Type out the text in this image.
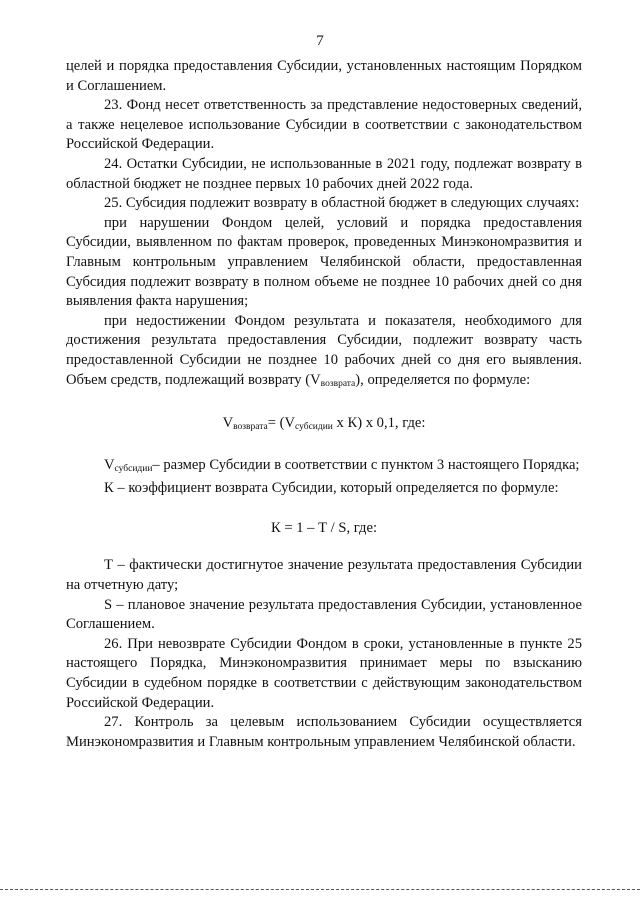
7

целей и порядка предоставления Субсидии, установленных настоящим Порядком и Соглашением.

23. Фонд несет ответственность за представление недостоверных сведений, а также нецелевое использование Субсидии в соответствии с законодательством Российской Федерации.

24. Остатки Субсидии, не использованные в 2021 году, подлежат возврату в областной бюджет не позднее первых 10 рабочих дней 2022 года.

25. Субсидия подлежит возврату в областной бюджет в следующих случаях:

при нарушении Фондом целей, условий и порядка предоставления Субсидии, выявленном по фактам проверок, проведенных Минэкономразвития и Главным контрольным управлением Челябинской области, предоставленная Субсидия подлежит возврату в полном объеме не позднее 10 рабочих дней со дня выявления факта нарушения;

при недостижении Фондом результата и показателя, необходимого для достижения результата предоставления Субсидии, подлежит возврату часть предоставленной Субсидии не позднее 10 рабочих дней со дня его выявления. Объем средств, подлежащий возврату $(V_{возврата})$, определяется по формуле:

$V_{возврата}= (V_{субсидии}$ х К) х 0,1, где:

$V_{субсидии}-$ размер Субсидии в соответствии с пунктом 3 настоящего Порядка;

К – коэффициент возврата Субсидии, который определяется по формуле:

К = 1 – Т / S, где:

Т – фактически достигнутое значение результата предоставления Субсидии на отчетную дату;

S – плановое значение результата предоставления Субсидии, установленное Соглашением.

26. При невозврате Субсидии Фондом в сроки, установленные в пункте 25 настоящего Порядка, Минэкономразвития принимает меры по взысканию Субсидии в судебном порядке в соответствии с действующим законодательством Российской Федерации.

27. Контроль за целевым использованием Субсидии осуществляется Минэкономразвития и Главным контрольным управлением Челябинской области.
